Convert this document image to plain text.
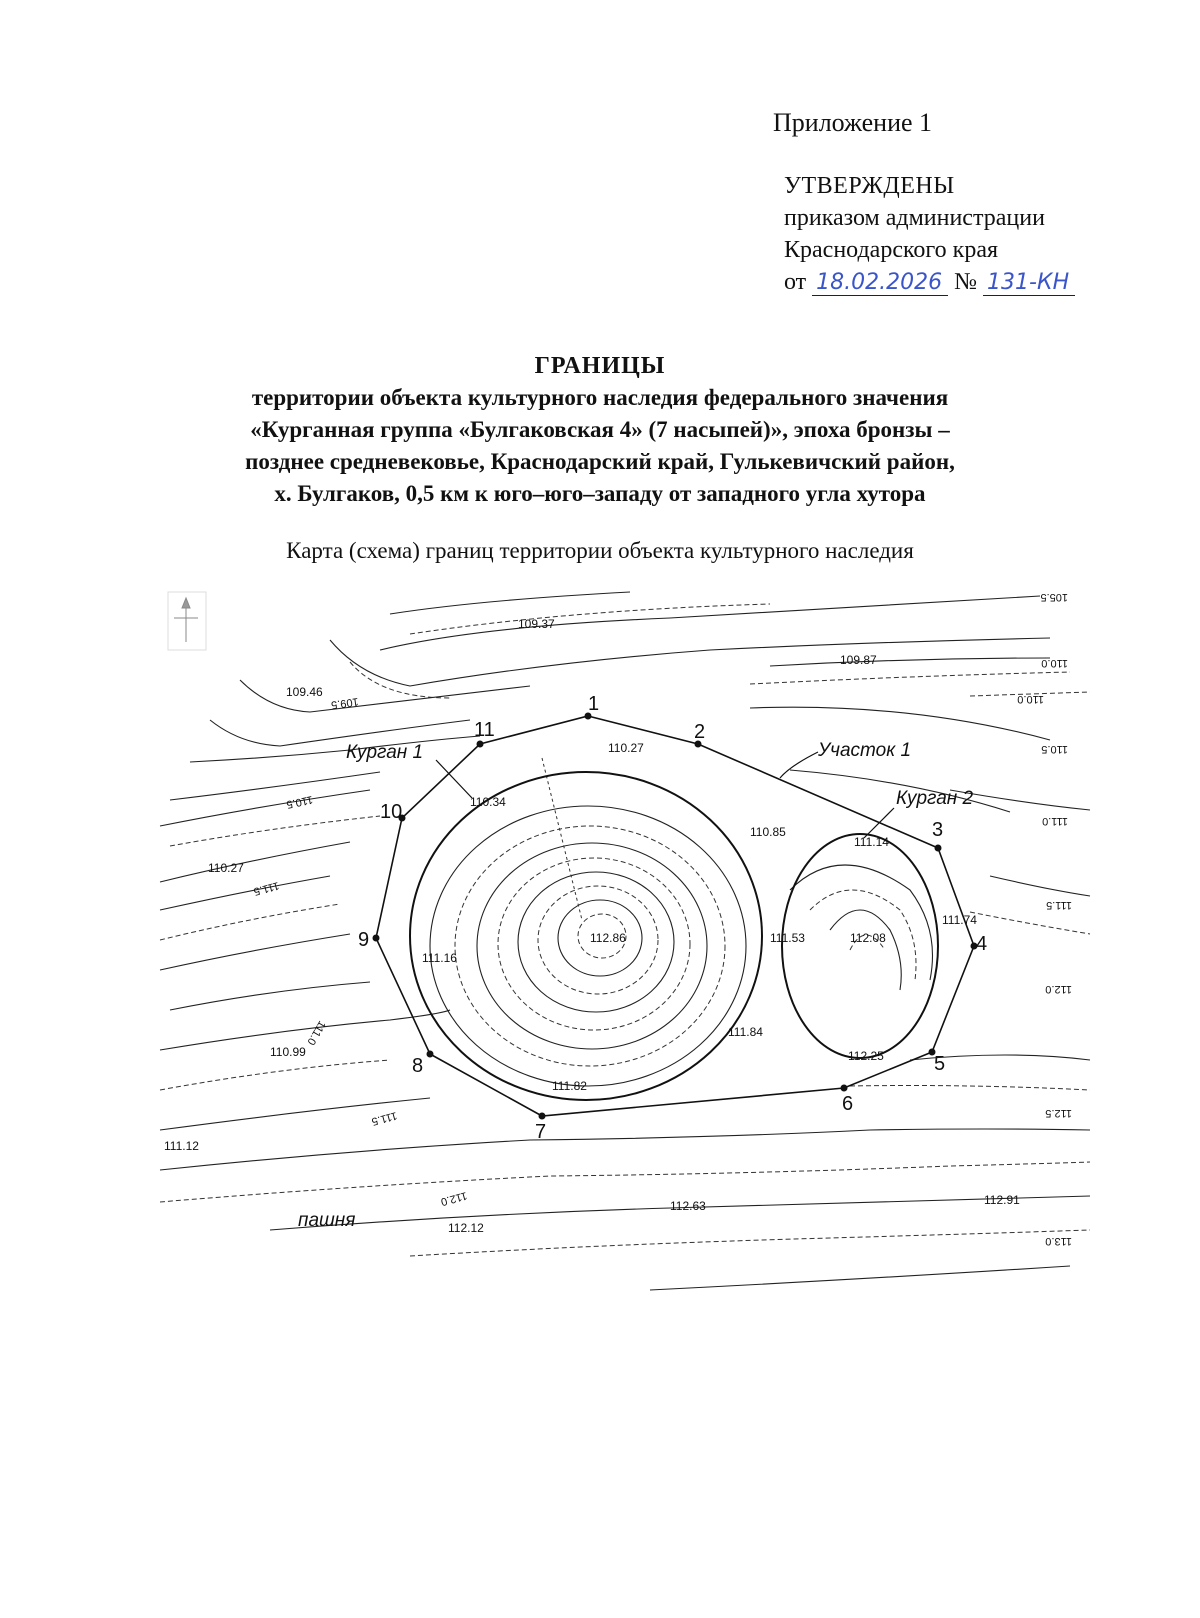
Приложение 1
УТВЕРЖДЕНЫ
приказом администрации
Краснодарского края
от 18.02.2026 № 131-КН
ГРАНИЦЫ
территории объекта культурного наследия федерального значения
«Курганная группа «Булгаковская 4» (7 насыпей)», эпоха бронзы –
позднее средневековье, Краснодарский край, Гулькевичский район,
х. Булгаков, 0,5 км к юго–юго–западу от западного угла хутора
Карта (схема) границ территории объекта культурного наследия
1
2
3
4
5
6
7
8
9
10
11
Курган 1
Курган 2
Участок 1
пашня
109.37
109.87
109.46
110.27
110.34
110.85
111.14
110.27
112.86
111.16
111.53	112.08
111.74
111.84
112.25
111.82
110.99
111.12
112.63	112.91
112.12
105.5
109.5
110.0
110.5
110.5
111.0
111.5
111.5
112.0
111.0
111.5
112.0
113.0
112.5
110.0
